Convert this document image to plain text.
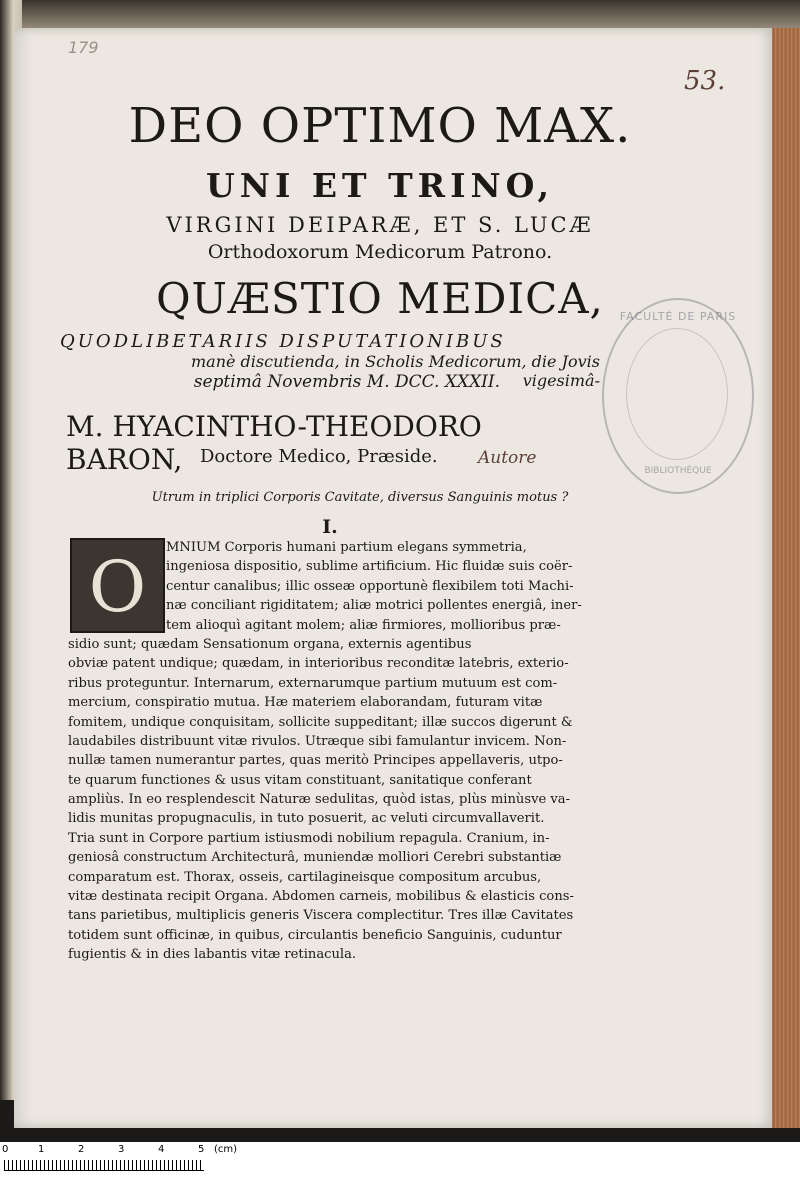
179
53.
FACULTÉ DE PARIS
BIBLIOTHÈQUE
DEO OPTIMO MAX.
UNI ET TRINO,
VIRGINI DEIPARÆ, ET S. LUCÆ
Orthodoxorum Medicorum Patrono.
QUÆSTIO MEDICA,
QUODLIBETARIIS DISPUTATIONIBUS
manè discutienda, in Scholis Medicorum, die Jovis vigesimâ-
septimâ Novembris M. DCC. XXXII.
M. HYACINTHO-THEODORO BARON, Doctore Medico, Præside.	Autore
Utrum in triplici Corporis Cavitate, diversus Sanguinis motus ?
I.
O	MNIUM Corporis humani partium elegans symmetria,
ingeniosa dispositio, sublime artificium. Hic fluidæ suis coër-
centur canalibus; illic osseæ opportunè flexibilem toti Machi-
næ conciliant rigiditatem; aliæ motrici pollentes energiâ, iner-
tem alioquì agitant molem; aliæ firmiores, mollioribus præ-
sidio sunt; quædam Sensationum organa, externis agentibus
obviæ patent undique; quædam, in interioribus reconditæ latebris, exterio-
ribus proteguntur. Internarum, externarumque partium mutuum est com-
mercium, conspiratio mutua. Hæ materiem elaborandam, futuram vitæ
fomitem, undique conquisitam, sollicite suppeditant; illæ succos digerunt &
laudabiles distribuunt vitæ rivulos. Utræque sibi famulantur invicem. Non-
nullæ tamen numerantur partes, quas meritò Principes appellaveris, utpo-
te quarum functiones & usus vitam constituant, sanitatique conferant
ampliùs. In eo resplendescit Naturæ sedulitas, quòd istas, plùs minùsve va-
lidis munitas propugnaculis, in tuto posuerit, ac veluti circumvallaverit.
Tria sunt in Corpore partium istiusmodi nobilium repagula. Cranium, in-
geniosâ constructum Architecturâ, muniendæ molliori Cerebri substantiæ
comparatum est. Thorax, osseis, cartilagineisque compositum arcubus,
vitæ destinata recipit Organa. Abdomen carneis, mobilibus & elasticis cons-
tans parietibus, multiplicis generis Viscera complectitur. Tres illæ Cavitates
totidem sunt officinæ, in quibus, circulantis beneficio Sanguinis, cuduntur
fugientis & in dies labantis vitæ retinacula.
0	1	2	3	4	5 (cm)
